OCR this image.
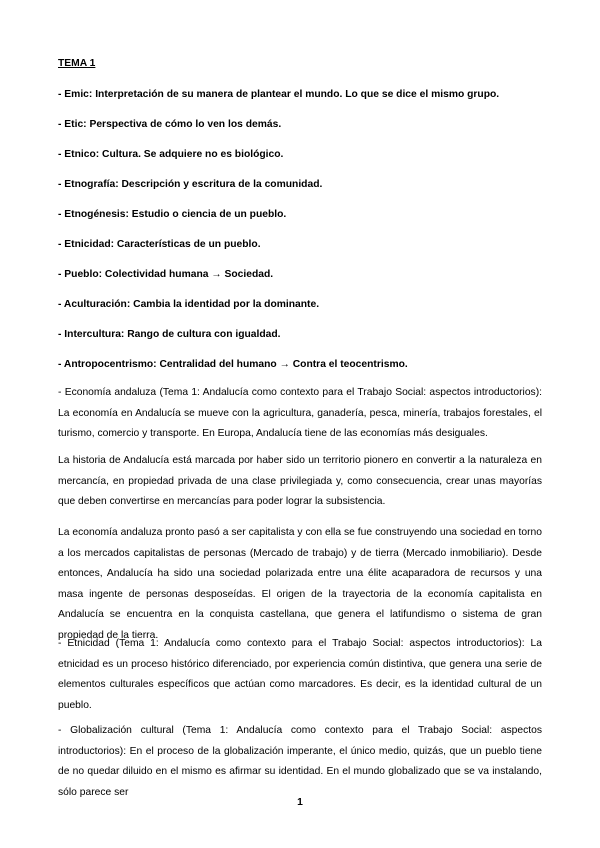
TEMA 1
- Emic: Interpretación de su manera de plantear el mundo. Lo que se dice el mismo grupo.
- Etic: Perspectiva de cómo lo ven los demás.
- Etnico: Cultura. Se adquiere no es biológico.
- Etnografía: Descripción y escritura de la comunidad.
- Etnogénesis: Estudio o ciencia de un pueblo.
- Etnicidad: Características de un pueblo.
- Pueblo: Colectividad humana → Sociedad.
- Aculturación: Cambia la identidad por la dominante.
- Intercultura: Rango de cultura con igualdad.
- Antropocentrismo: Centralidad del humano → Contra el teocentrismo.
- Economía andaluza (Tema 1: Andalucía como contexto para el Trabajo Social: aspectos introductorios): La economía en Andalucía se mueve con la agricultura, ganadería, pesca, minería, trabajos forestales, el turismo, comercio y transporte. En Europa, Andalucía tiene de las economías más desiguales.
La historia de Andalucía está marcada por haber sido un territorio pionero en convertir a la naturaleza en mercancía, en propiedad privada de una clase privilegiada y, como consecuencia, crear unas mayorías que deben convertirse en mercancías para poder lograr la subsistencia.
La economía andaluza pronto pasó a ser capitalista y con ella se fue construyendo una sociedad en torno a los mercados capitalistas de personas (Mercado de trabajo) y de tierra (Mercado inmobiliario). Desde entonces, Andalucía ha sido una sociedad polarizada entre una élite acaparadora de recursos y una masa ingente de personas desposeídas. El origen de la trayectoria de la economía capitalista en Andalucía se encuentra en la conquista castellana, que genera el latifundismo o sistema de gran propiedad de la tierra.
- Etnicidad (Tema 1: Andalucía como contexto para el Trabajo Social: aspectos introductorios): La etnicidad es un proceso histórico diferenciado, por experiencia común distintiva, que genera una serie de elementos culturales específicos que actúan como marcadores. Es decir, es la identidad cultural de un pueblo.
- Globalización cultural (Tema 1: Andalucía como contexto para el Trabajo Social: aspectos introductorios): En el proceso de la globalización imperante, el único medio, quizás, que un pueblo tiene de no quedar diluido en el mismo es afirmar su identidad. En el mundo globalizado que se va instalando, sólo parece ser
1
